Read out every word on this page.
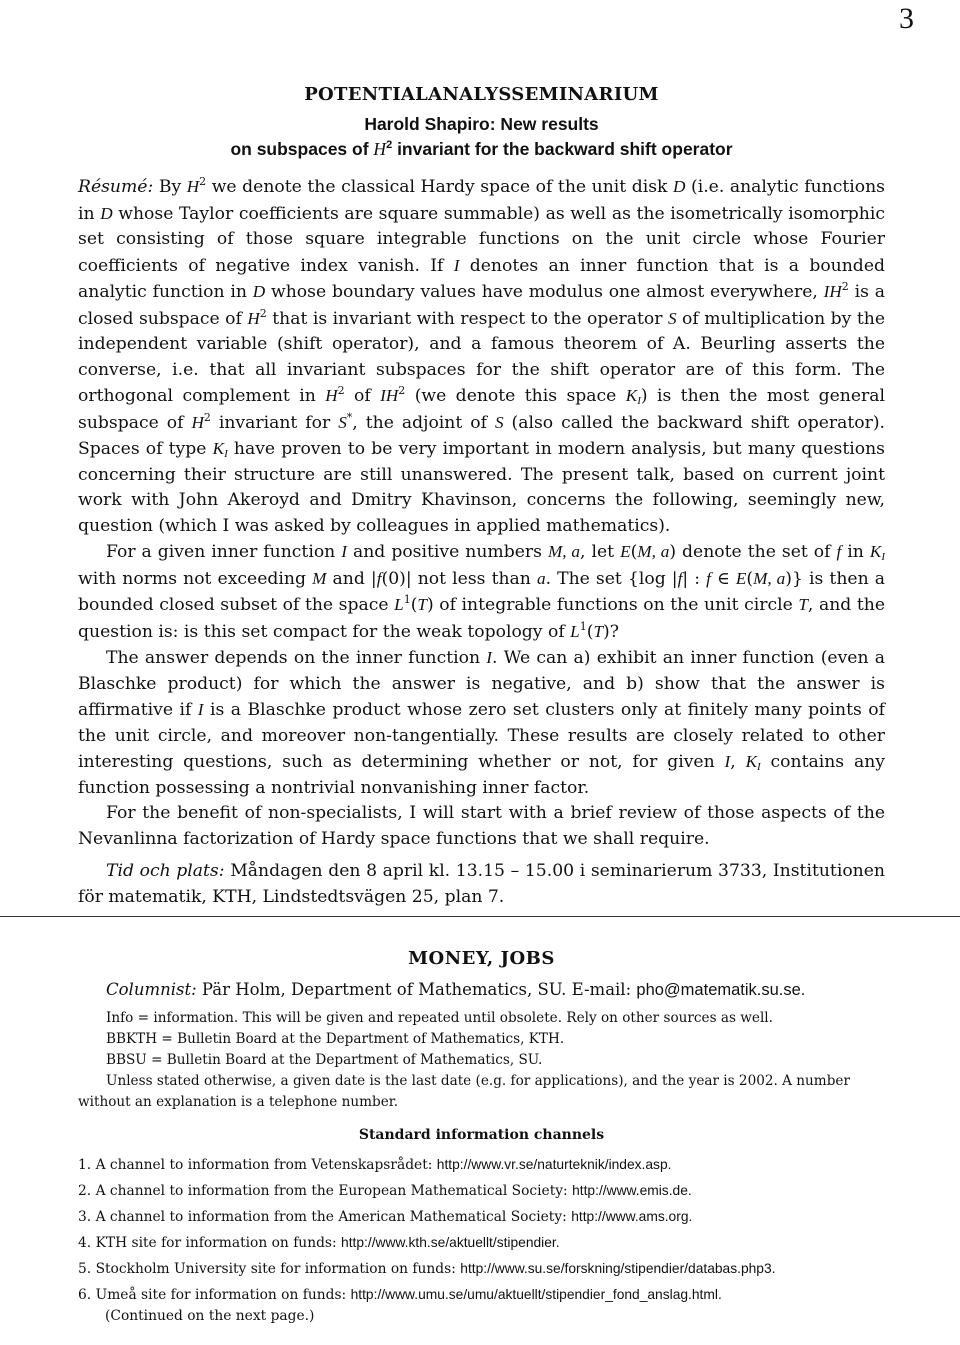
3
POTENTIALANALYSSEMINARIUM
Harold Shapiro: New results
on subspaces of $H^2$ invariant for the backward shift operator

Résumé: By $H^2$ we denote the classical Hardy space of the unit disk D (i.e. analytic functions in D whose Taylor coefficients are square summable) as well as the isometrically isomorphic set consisting of those square integrable functions on the unit circle whose Fourier coefficients of negative index vanish. If I denotes an inner function that is a bounded analytic function in D whose boundary values have modulus one almost everywhere, $IH^2$ is a closed subspace of $H^2$ that is invariant with respect to the operator S of multiplication by the independent variable (shift operator), and a famous theorem of A. Beurling asserts the converse, i.e. that all invariant subspaces for the shift operator are of this form. The orthogonal complement in $H^2$ of $IH^2$ (we denote this space $K_I$) is then the most general subspace of $H^2$ invariant for S*, the adjoint of S (also called the backward shift operator). Spaces of type $K_I$ have proven to be very important in modern analysis, but many questions concerning their structure are still unanswered. The present talk, based on current joint work with John Akeroyd and Dmitry Khavinson, concerns the following, seemingly new, question (which I was asked by colleagues in applied mathematics).

For a given inner function I and positive numbers M, a, let E(M, a) denote the set of f in $K_I$ with norms not exceeding M and |f(0)| not less than a. The set {log |f| : f ∈ E(M, a)} is then a bounded closed subset of the space $L^1(T)$ of integrable functions on the unit circle T, and the question is: is this set compact for the weak topology of $L^1(T)$?

The answer depends on the inner function I. We can a) exhibit an inner function (even a Blaschke product) for which the answer is negative, and b) show that the answer is affirmative if I is a Blaschke product whose zero set clusters only at finitely many points of the unit circle, and moreover non-tangentially. These results are closely related to other interesting questions, such as determining whether or not, for given I, $K_I$ contains any function possessing a nontrivial nonvanishing inner factor.

For the benefit of non-specialists, I will start with a brief review of those aspects of the Nevanlinna factorization of Hardy space functions that we shall require.

Tid och plats: Måndagen den 8 april kl. 13.15 – 15.00 i seminarierum 3733, Institutionen för matematik, KTH, Lindstedtsvägen 25, plan 7.

MONEY, JOBS

Columnist: Pär Holm, Department of Mathematics, SU. E-mail: pho@matematik.su.se.

Info = information. This will be given and repeated until obsolete. Rely on other sources as well.

BBKTH = Bulletin Board at the Department of Mathematics, KTH.

BBSU = Bulletin Board at the Department of Mathematics, SU.

Unless stated otherwise, a given date is the last date (e.g. for applications), and the year is 2002. A number without an explanation is a telephone number.

Standard information channels
1. A channel to information from Vetenskapsrådet: http://www.vr.se/naturteknik/index.asp.
2. A channel to information from the European Mathematical Society: http://www.emis.de.
3. A channel to information from the American Mathematical Society: http://www.ams.org.
4. KTH site for information on funds: http://www.kth.se/aktuellt/stipendier.
5. Stockholm University site for information on funds: http://www.su.se/forskning/stipendier/databas.php3.
6. Umeå site for information on funds: http://www.umu.se/umu/aktuellt/stipendier_fond_anslag.html.
(Continued on the next page.)
